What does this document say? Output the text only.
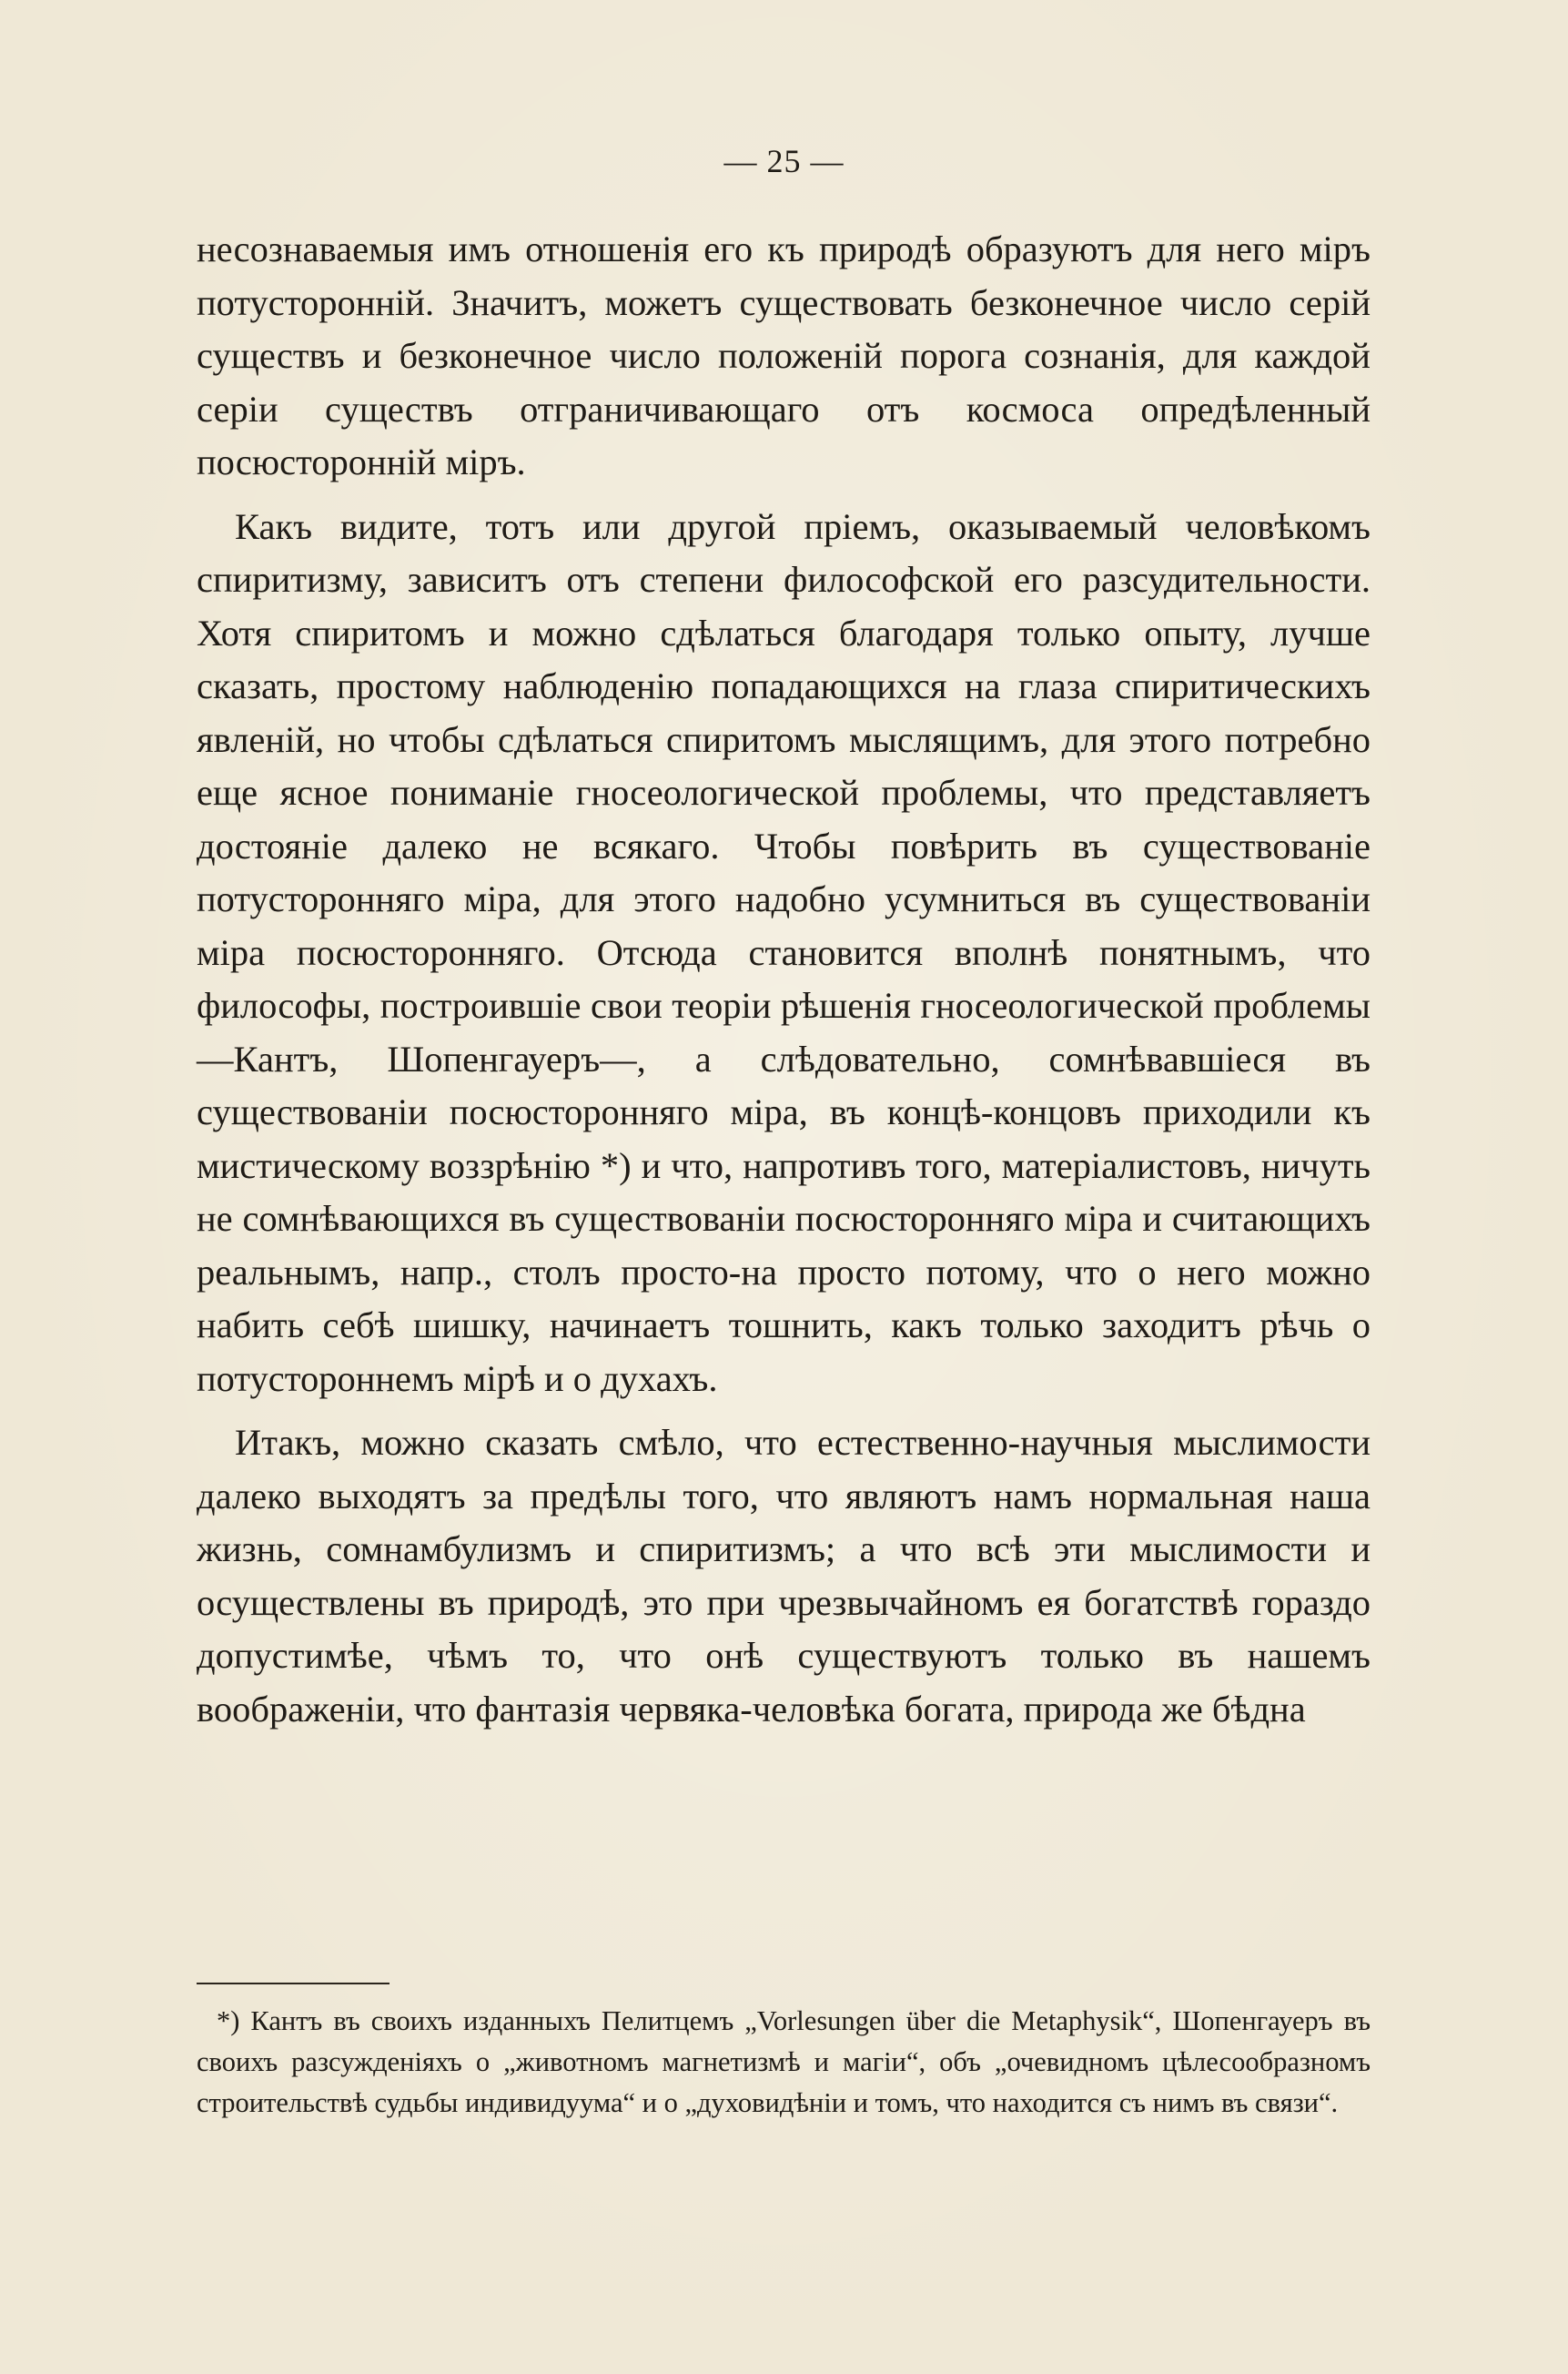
— 25 —

несознаваемыя имъ отношенія его къ природѣ образуютъ для него міръ потусторонній. Значитъ, можетъ существовать безконечное число серій существъ и безконечное число положеній порога сознанія, для каждой серіи существъ отграничивающаго отъ космоса опредѣленный посюсторонній міръ.

Какъ видите, тотъ или другой пріемъ, оказываемый человѣкомъ спиритизму, зависитъ отъ степени философской его разсудительности. Хотя спиритомъ и можно сдѣлаться благодаря только опыту, лучше сказать, простому наблюденію попадающихся на глаза спиритическихъ явленій, но чтобы сдѣлаться спиритомъ мыслящимъ, для этого потребно еще ясное пониманіе гносеологической проблемы, что представляетъ достояніе далеко не всякаго. Чтобы повѣрить въ существованіе потусторонняго міра, для этого надобно усумниться въ существованіи міра посюсторонняго. Отсюда становится вполнѣ понятнымъ, что философы, построившіе свои теоріи рѣшенія гносеологической проблемы—Кантъ, Шопенгауеръ—, а слѣдовательно, сомнѣвавшіеся въ существованіи посюсторонняго міра, въ концѣ-концовъ приходили къ мистическому воззрѣнію *) и что, напротивъ того, матеріалистовъ, ничуть не сомнѣвающихся въ существованіи посюсторонняго міра и считающихъ реальнымъ, напр., столъ просто-на просто потому, что о него можно набить себѣ шишку, начинаетъ тошнить, какъ только заходитъ рѣчь о потустороннемъ мірѣ и о духахъ.

Итакъ, можно сказать смѣло, что естественно-научныя мыслимости далеко выходятъ за предѣлы того, что являютъ намъ нормальная наша жизнь, сомнамбулизмъ и спиритизмъ; а что всѣ эти мыслимости и осуществлены въ природѣ, это при чрезвычайномъ ея богатствѣ гораздо допустимѣе, чѣмъ то, что онѣ существуютъ только въ нашемъ воображеніи, что фантазія червяка-человѣка богата, природа же бѣдна

*) Кантъ въ своихъ изданныхъ Пелитцемъ „Vorlesungen über die Metaphysik“, Шопенгауеръ въ своихъ разсужденіяхъ о „животномъ магнетизмѣ и магіи“, объ „очевидномъ цѣлесообразномъ строительствѣ судьбы индивидуума“ и о „духовидѣніи и томъ, что находится съ нимъ въ связи“.
